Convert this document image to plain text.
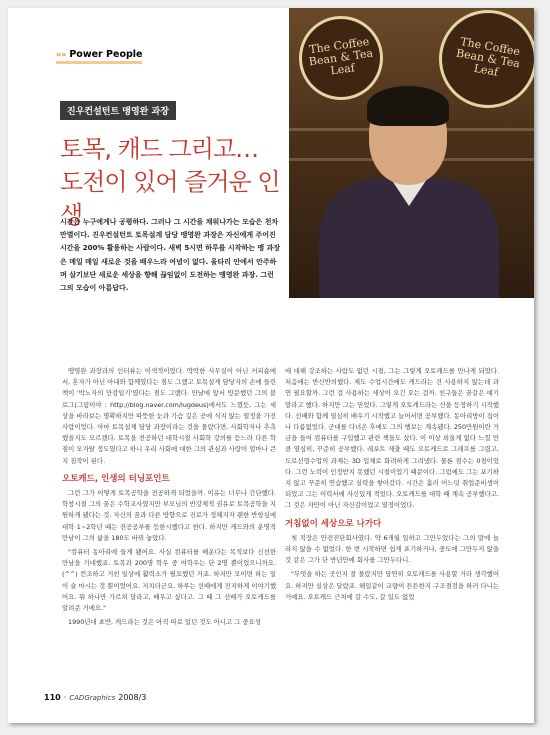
The Coffee Bean & Tea Leaf
The Coffee Bean & Tea Leaf
»» Power People
진우컨설턴트 맹영완 과장
토목, 캐드 그리고…
도전이 있어 즐거운 인생

시간은 누구에게나 공평하다. 그러나 그 시간을 채워나가는 모습은 천차만별이다. 진우컨설턴트 토목설계 담당 맹영완 과장은 자신에게 주어진 시간을 200% 활용하는 사람이다. 새벽 5시면 하루를 시작하는 맹 과장은 매일 매일 새로운 것을 배우느라 여념이 없다. 울타리 안에서 안주하며 살기보단 새로운 세상을 향해 끊임없이 도전하는 맹영완 과장. 그런 그의 모습이 아름답다.

맹영완 과장과의 인터뷰는 이색적이었다. 딱딱한 사무실이 아닌 커피숍에서, 혼자가 아닌 아내와 함께였다는 점도 그랬고 토목설계 담당자의 손에 들린 책이 '박노자의 만감일기'였다는 점도 그랬다. 만날에 앞서 방문했던 그의 블로그(그림이야 : http://blog.naver.com/lugdeus)에서도 느꼈듯, 그는 세상을 바라보는 명확하지만 따뜻한 눈과 가슴 깊은 곳에 식지 않는 열정을 가진 사람이었다. 아마 토목설계 담당 과장이라는 것을 몰랐다면, 사회학자나 추측했을지도 모르겠다. 토목을 전공하던 대학시절 사회학 강의를 듣느라 다른 학점이 모자랄 정도였다고 하니 우리 사회에 대한 그의 관심과 사랑이 얼마나 큰지 짐작이 된다.

오토캐드, 인생의 터닝포인트

그런 그가 어떻게 토목공학을 전공하게 되었을까. 이유는 너무나 간단했다. 학창시절 그의 꿈은 수학교사였지만 부모님의 반강제적 권유로 토목공학을 지원하게 됐다는 것. 자신의 꿈과 다른 방향으로 진로가 정해지자 괜한 반항심에 대학 1~2학년 때는 전공공부를 등한시했다고 한다. 하지만 캐드와의 운명적 만남이 그의 삶을 180도 바꿔 놓았다.

"컴퓨터 동아리에 들게 됐어요. 사실 컴퓨터를 배운다는 목적보다 신선한 만남을 기대했죠. 토목과 200명 학우 중 여학우는 단 2명 뿐이었으니까요.(^^) 컨조하고 거친 일상에 활력소가 필요했던 거죠. 하지만 모이면 하는 일이 술 마시는 것 뿐이었어요. 지치더군요. 하루는 선배에게 진지하게 이야기했어요. 뭐 하나만 가르쳐 달라고, 배우고 싶다고. 그 때 그 선배가 오토캐드를 알려준 거에요."

1990년대 초반, 캐드라는 것은 아직 따로 있던 것도 아니고 그 중요성

에 대해 강조하는 사람도 없던 시절, 그는 그렇게 오토캐드를 만나게 되었다. 처음에는 반신반의했다. 제도 수업시간에도 캐드라는 건 사용하지 않는데 과연 필요할까. 그런 걸 사용하는 세상이 오긴 오는 걸까. 친구들은 꿈같은 얘기 말라고 했다. 하지만 그는 믿었다. 그렇게 오토캐드라는 신을 등정하기 시작했다. 선배와 함께 열심히 배우기 시작했고 늘어서면 공부했다. 동아리방이 집이나 다름없었다. 군대를 다녀온 후에도 그의 행보는 계속됐다. 250만원이란 거금을 들여 컴퓨터를 구입했고 관련 책들도 샀다. 이 이상 외울게 없다 느낄 만큼 열심히, 꾸준히 공부했다. 레포트 제출 때도 오토캐드로 그래프를 그렸고, 도로선형수업의 과제는 3D 입체로 화려하게 그려냈다. 물론 점수는 0점이었다. 그런 노력이 인정받지 못했던 시절이었기 때문이다. 그럼에도 그는 포기하지 않고 꾸준히 연습했고 실력을 쌓아갔다. 시간은 흘러 어느덧 취업준비생이 되었고 그는 이력서에 자신있게 적었다. 오토캐드를 대학 때 계속 공부했다고. 그 것은 자만이 아닌 자신감이었고 열정이었다.

거침없이 세상으로 나가다

첫 직장은 안전진단회사였다. 약 6개월 일하고 그만두었다는 그의 말에 놀라지 않을 수 없었다. 한 번 시작하면 쉽게 포기하거나, 중도에 그만두지 않을 것 같은 그가 단 반년만에 회사를 그만두다니.

"무엇을 하는 곳인지 잘 몰랐지만 당연히 오토캐드를 사용할 거라 생각했어요. 하지만 실상은 달랐죠. 해일같이 교량이 튼튼한지 구조점검을 하러 다니는 거예요. 오토캐드 근처에 갈 수도, 갈 일도 없었

110 · CADGraphics 2008/3
